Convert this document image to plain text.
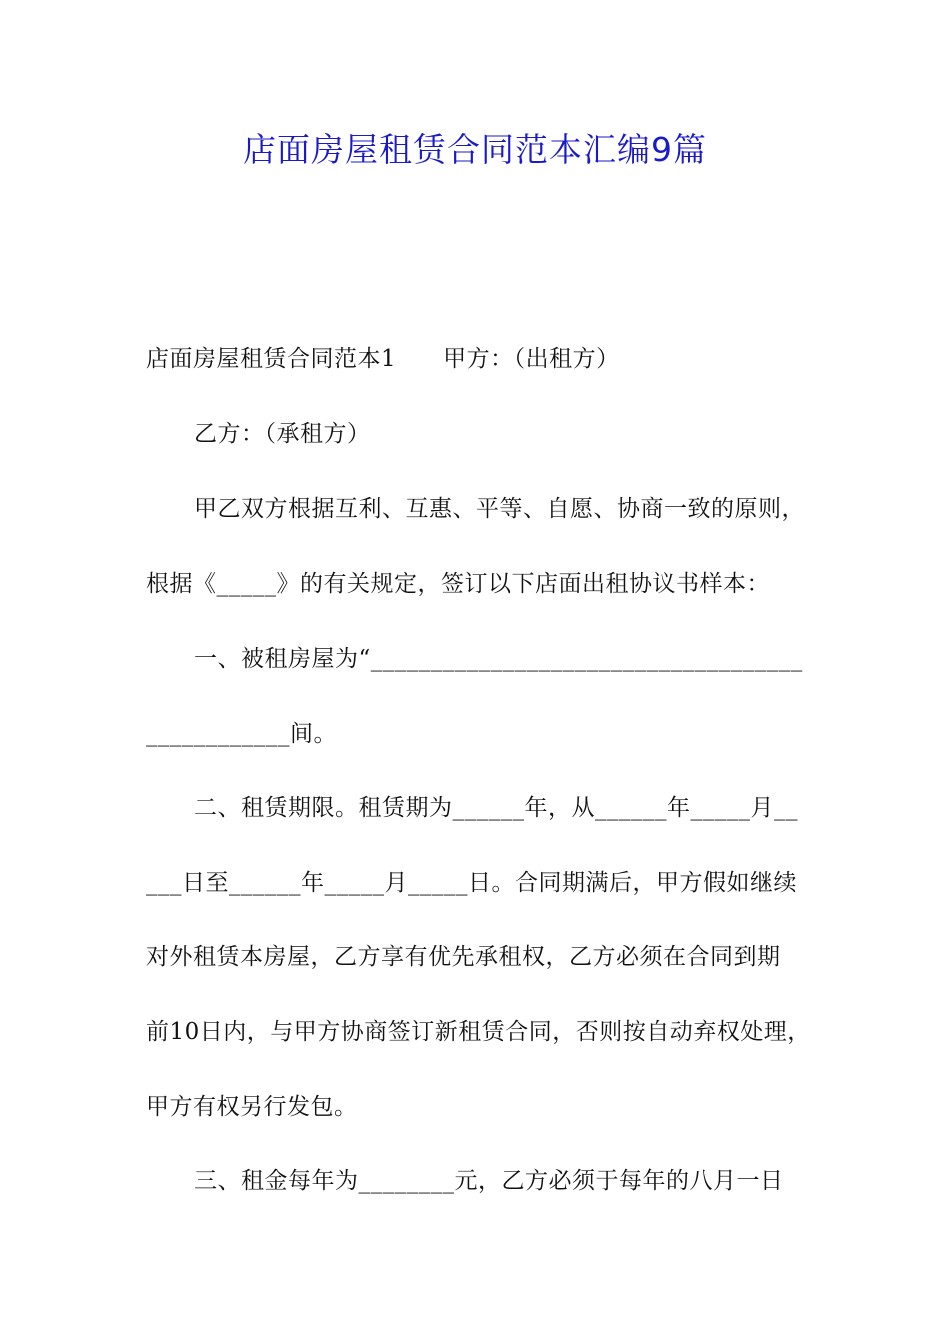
店面房屋租赁合同范本汇编9篇
店面房屋租赁合同范本1　　甲方：（出租方）
乙方：（承租方）
甲乙双方根据互利、互惠、平等、自愿、协商一致的原则，
根据《_____》的有关规定，签订以下店面出租协议书样本：
一、被租房屋为“____________________________________
____________间。
二、租赁期限。租赁期为______年，从______年_____月__
___日至______年_____月_____日。合同期满后，甲方假如继续
对外租赁本房屋，乙方享有优先承租权，乙方必须在合同到期
前10日内，与甲方协商签订新租赁合同，否则按自动弃权处理，
甲方有权另行发包。
三、租金每年为________元，乙方必须于每年的八月一日
